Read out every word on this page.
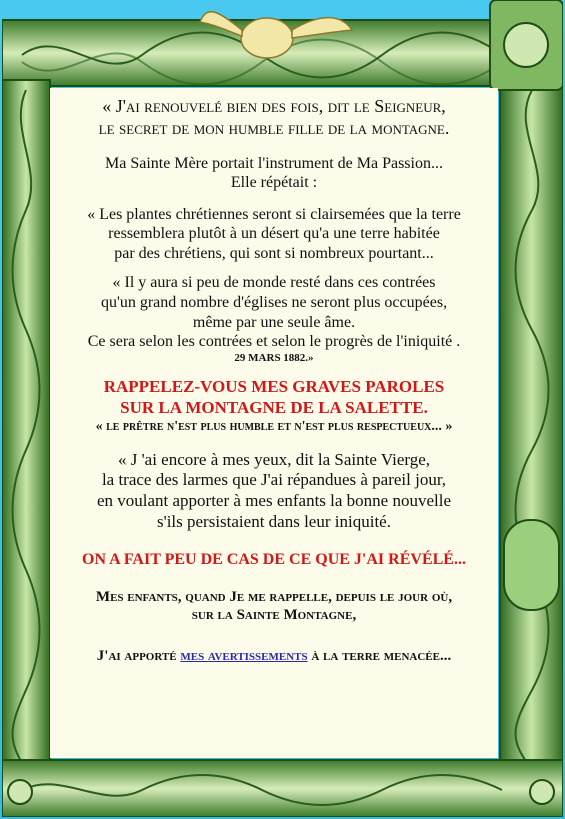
« J'ai renouvelé bien des fois, dit le Seigneur,

le secret de mon humble fille de la montagne.

Ma Sainte Mère portait l'instrument de Ma Passion...

Elle répétait :

« Les plantes chrétiennes seront si clairsemées que la terre

ressemblera plutôt à un désert qu'a une terre habitée

par des chrétiens, qui sont si nombreux pourtant...

« Il y aura si peu de monde resté dans ces contrées

qu'un grand nombre d'églises ne seront plus occupées,

même par une seule âme.

Ce sera selon les contrées et selon le progrès de l'iniquité .

29 MARS 1882.»

RAPPELEZ-VOUS MES GRAVES PAROLES

SUR LA MONTAGNE DE LA SALETTE.

« le prêtre n'est plus humble et n'est plus respectueux... »

« J 'ai encore à mes yeux, dit la Sainte Vierge,

la trace des larmes que J'ai répandues à pareil jour,

en voulant apporter à mes enfants la bonne nouvelle

s'ils persistaient dans leur iniquité.

ON A FAIT PEU DE CAS DE CE QUE J'AI RÉVÉLÉ...

Mes enfants, quand Je me rappelle, depuis le jour où,

sur la Sainte Montagne,

J'ai apporté mes avertissements à la terre menacée...
